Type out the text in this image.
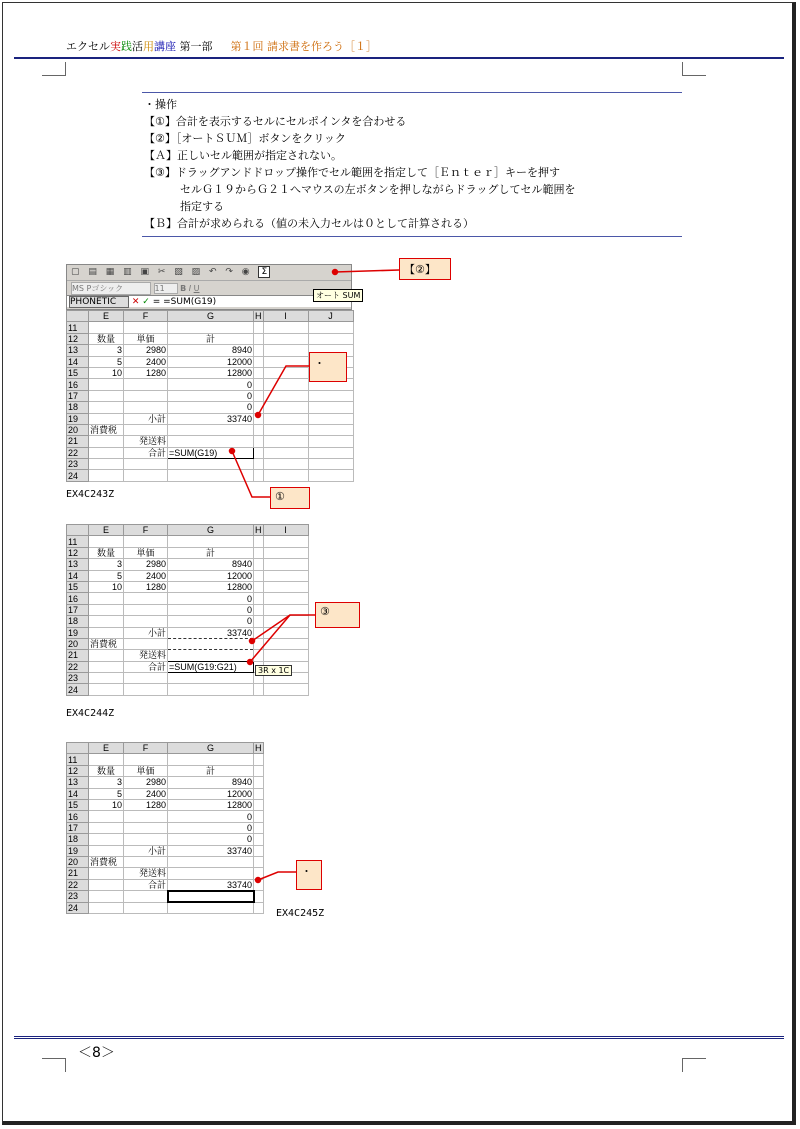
エクセル実践活用講座 第一部 第１回 請求書を作ろう［１］
・操作
【①】合計を表示するセルにセルポインタを合わせる
【②】［オートＳＵＭ］ボタンをクリック
【Ａ】正しいセル範囲が指定されない。
【③】ドラッグアンドドロップ操作でセル範囲を指定して［Ｅｎｔｅｒ］キーを押す
セルＧ１９からＧ２１へマウスの左ボタンを押しながらドラッグしてセル範囲を
指定する
【Ｂ】合計が求められる（値の未入力セルは０として計算される）
▢ ▤ ▦ ▥ ▣ ✂ ▧ ▨ ↶ ↷ ◉ Σ
MS Pゴシック	11 B I U
PHONETIC ✕ ✓ = =SUM(G19)
オート SUM
	E	F	G	H	I	J
11						
12	数量	単価	計			
13	3	2980	8940			
14	5	2400	12000			
15	10	1280	12800			
16			0			
17			0			
18			0			
19		小計	33740			
20	消費税					
21		発送料				
22		合計	=SUM(G19)			
23						
24						
	E	F	G	H	I
11					
12	数量	単価	計		
13	3	2980	8940		
14	5	2400	12000		
15	10	1280	12800		
16			0		
17			0		
18			0		
19		小計	33740		
20	消費税				
21		発送料			
22		合計	=SUM(G19:G21)		
23					
24					
3R x 1C
	E	F	G	H
11				
12	数量	単価	計	
13	3	2980	8940	
14	5	2400	12000	
15	10	1280	12800	
16			0	
17			0	
18			0	
19		小計	33740	
20	消費税			
21		発送料		
22		合計	33740	
23				
24				
EX4C243Z
EX4C244Z
EX4C245Z
【②】
・
①
③
・
＜8＞
